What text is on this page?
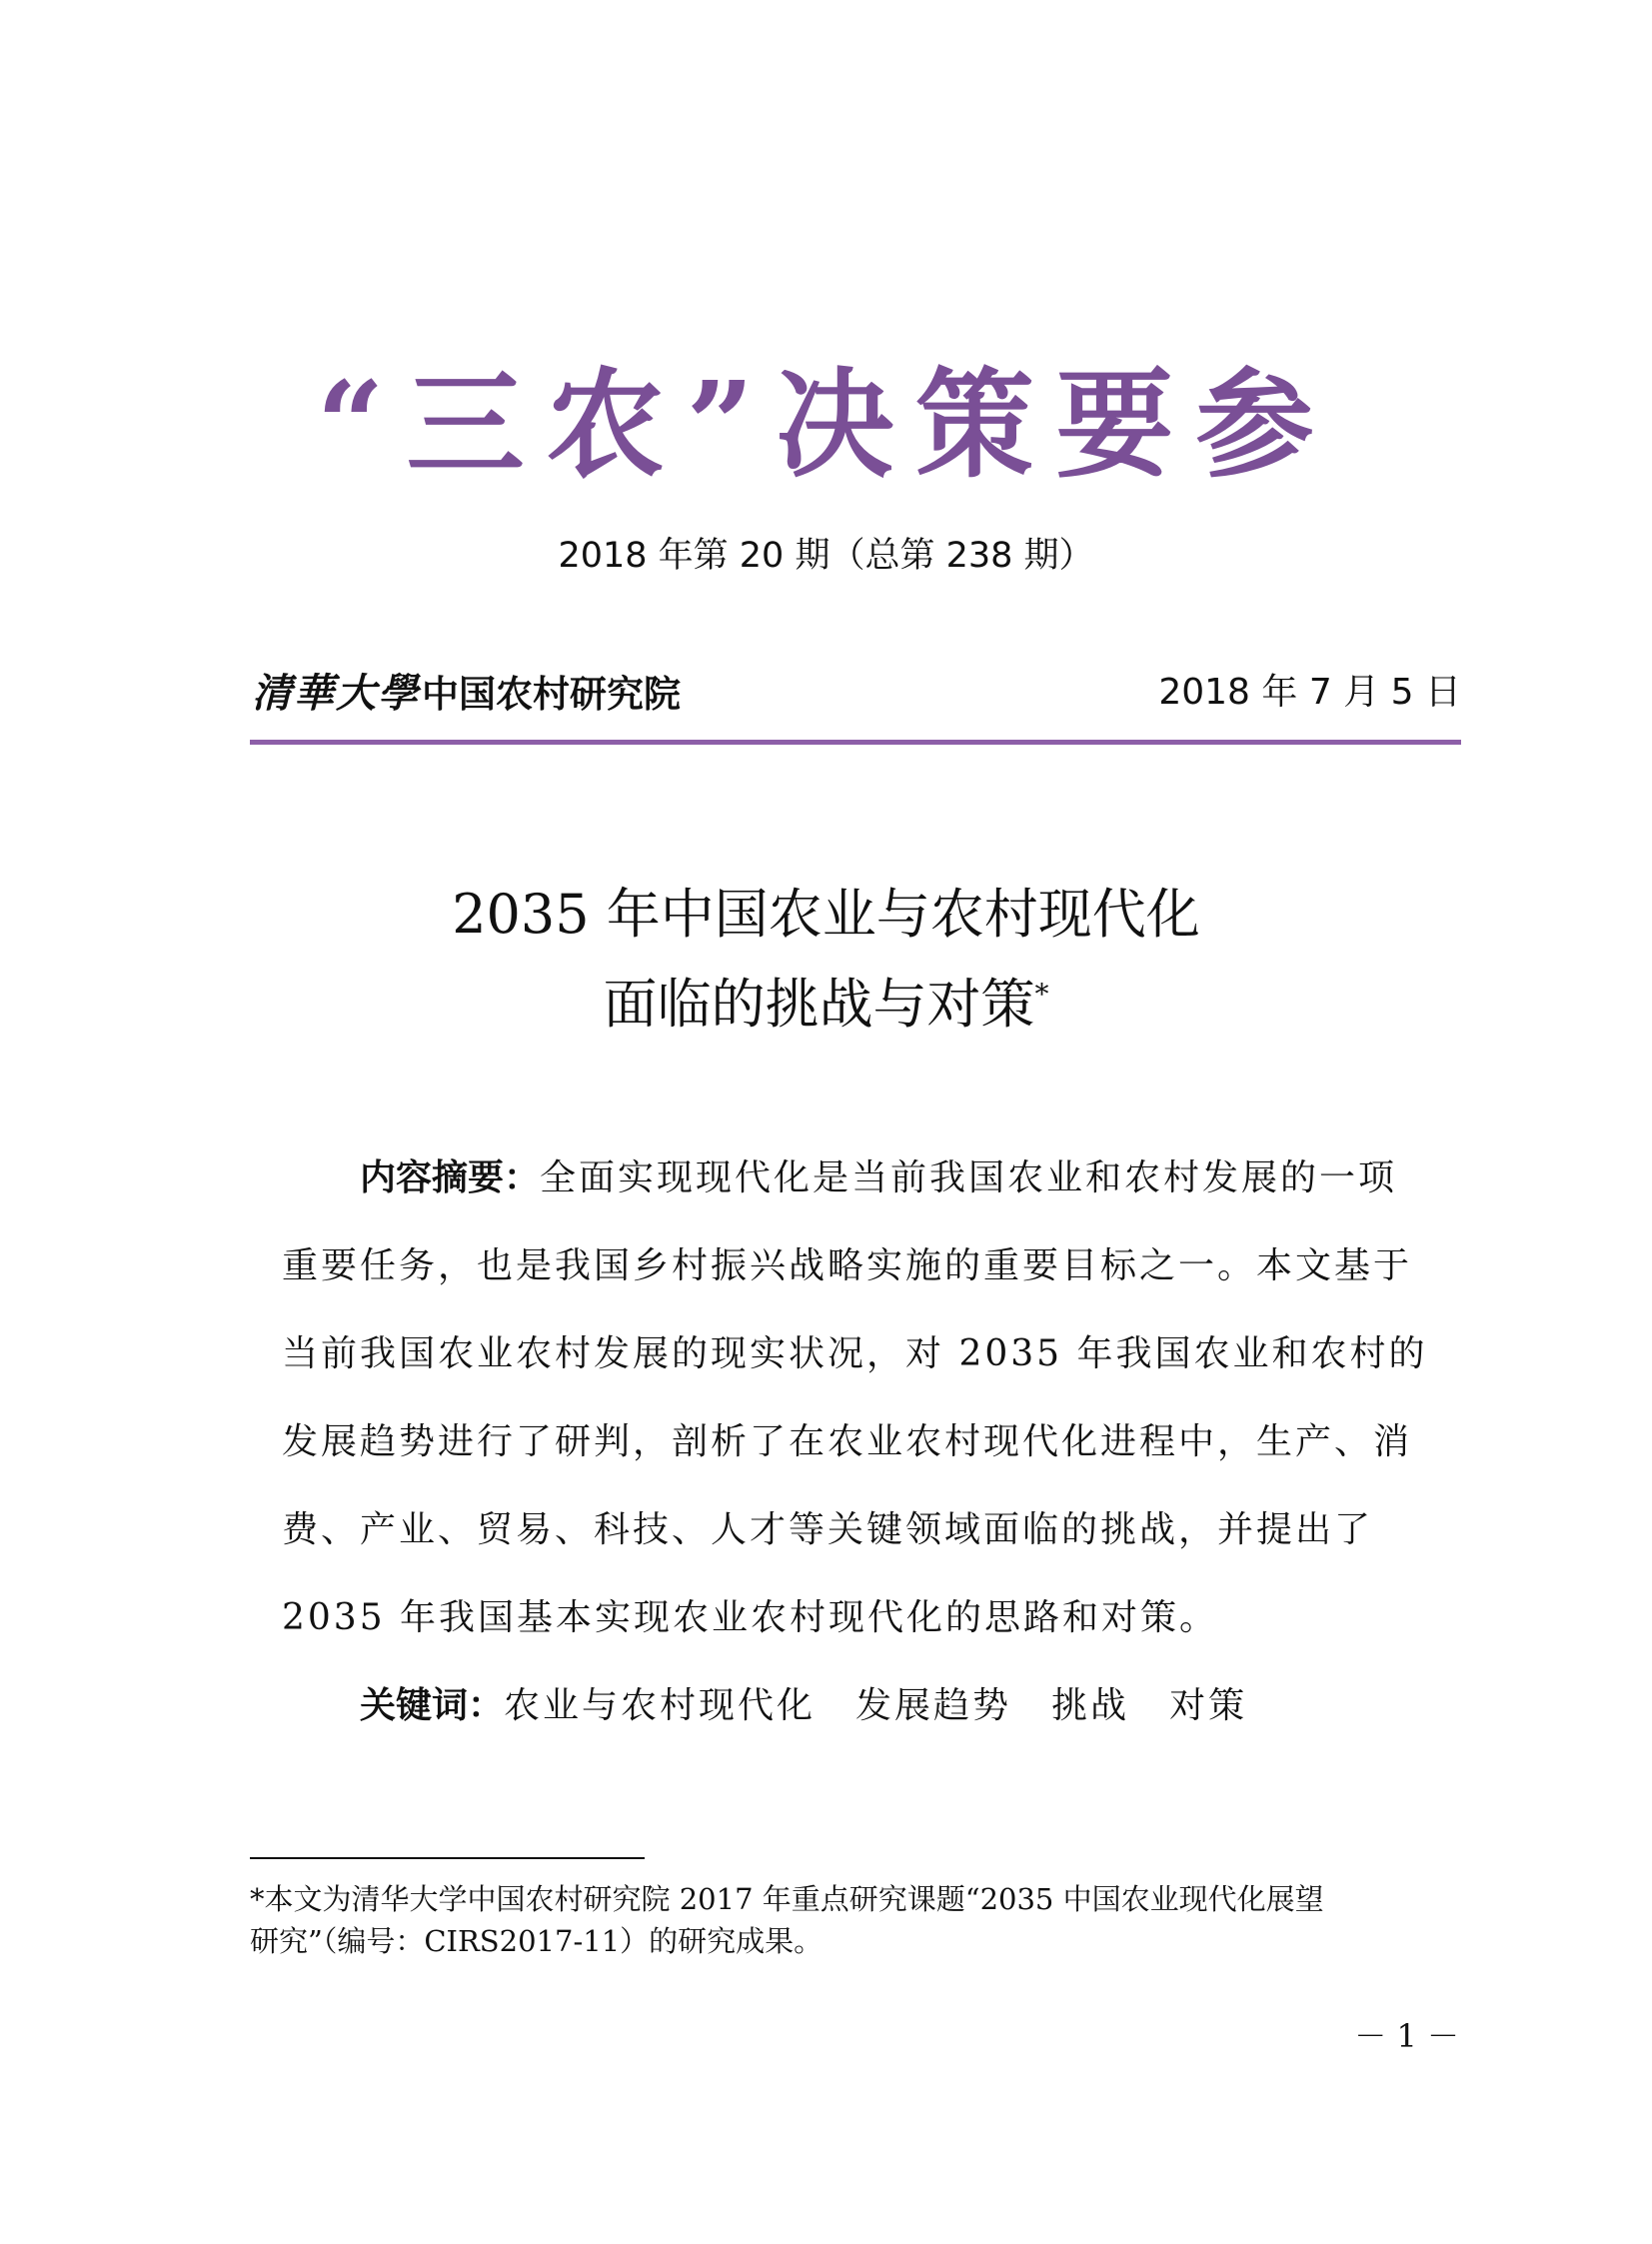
“三农”决策要参
2018 年第 20 期（总第 238 期）
清華大學 中国农村研究院	2018 年 7 月 5 日
2035 年中国农业与农村现代化
面临的挑战与对策*
内容摘要：全面实现现代化是当前我国农业和农村发展的一项
重要任务，也是我国乡村振兴战略实施的重要目标之一。本文基于
当前我国农业农村发展的现实状况，对 2035 年我国农业和农村的
发展趋势进行了研判，剖析了在农业农村现代化进程中，生产、消
费、产业、贸易、科技、人才等关键领域面临的挑战，并提出了
2035 年我国基本实现农业农村现代化的思路和对策。
关键词：农业与农村现代化 发展趋势 挑战 对策
*本文为清华大学中国农村研究院 2017 年重点研究课题“2035 中国农业现代化展望
研究”（编号：CIRS2017-11）的研究成果。
－ 1 －
